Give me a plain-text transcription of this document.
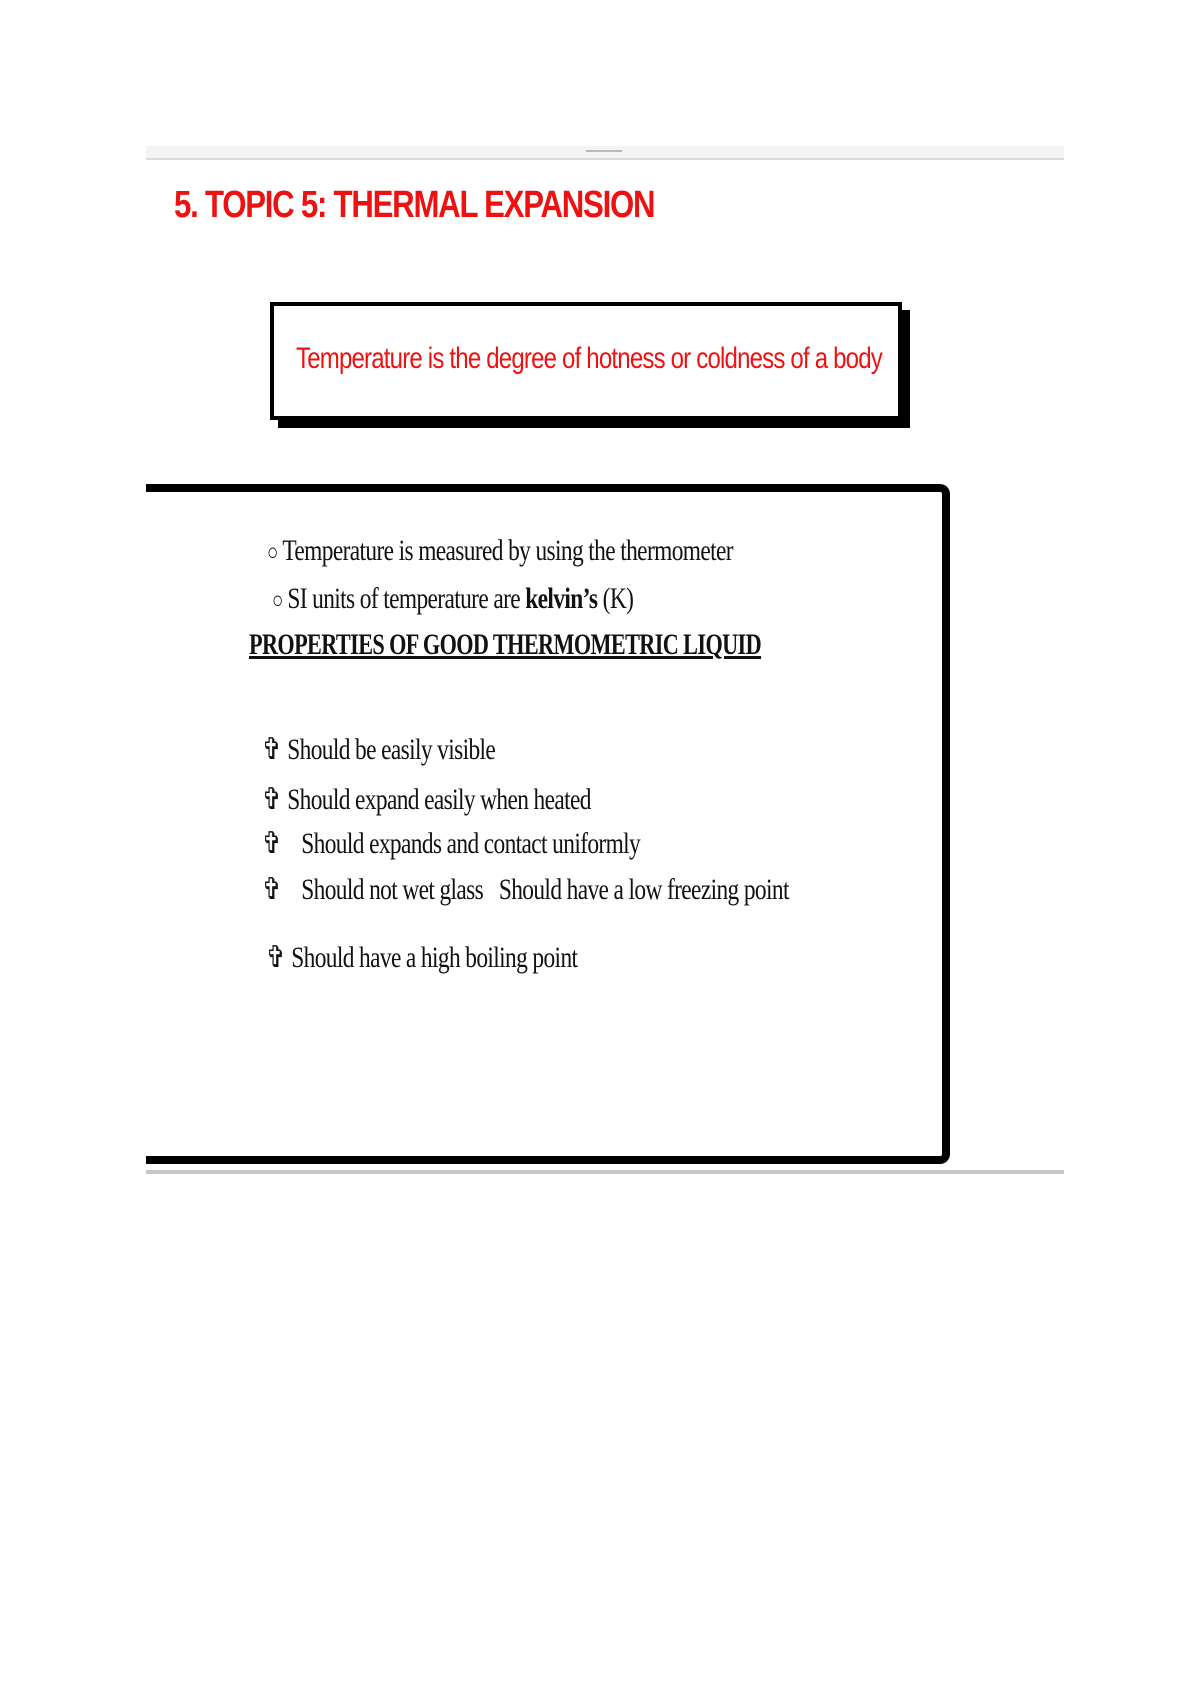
5. TOPIC 5: THERMAL EXPANSION
Temperature is the degree of hotness or coldness of a body
○ Temperature is measured by using the thermometer
○ SI units of temperature are kelvin’s (K)
PROPERTIES OF GOOD THERMOMETRIC LIQUID
✞ Should be easily visible
✞ Should expand easily when heated
✞ Should expands and contact uniformly
✞ Should not wet glass   Should have a low freezing point
✞ Should have a high boiling point
